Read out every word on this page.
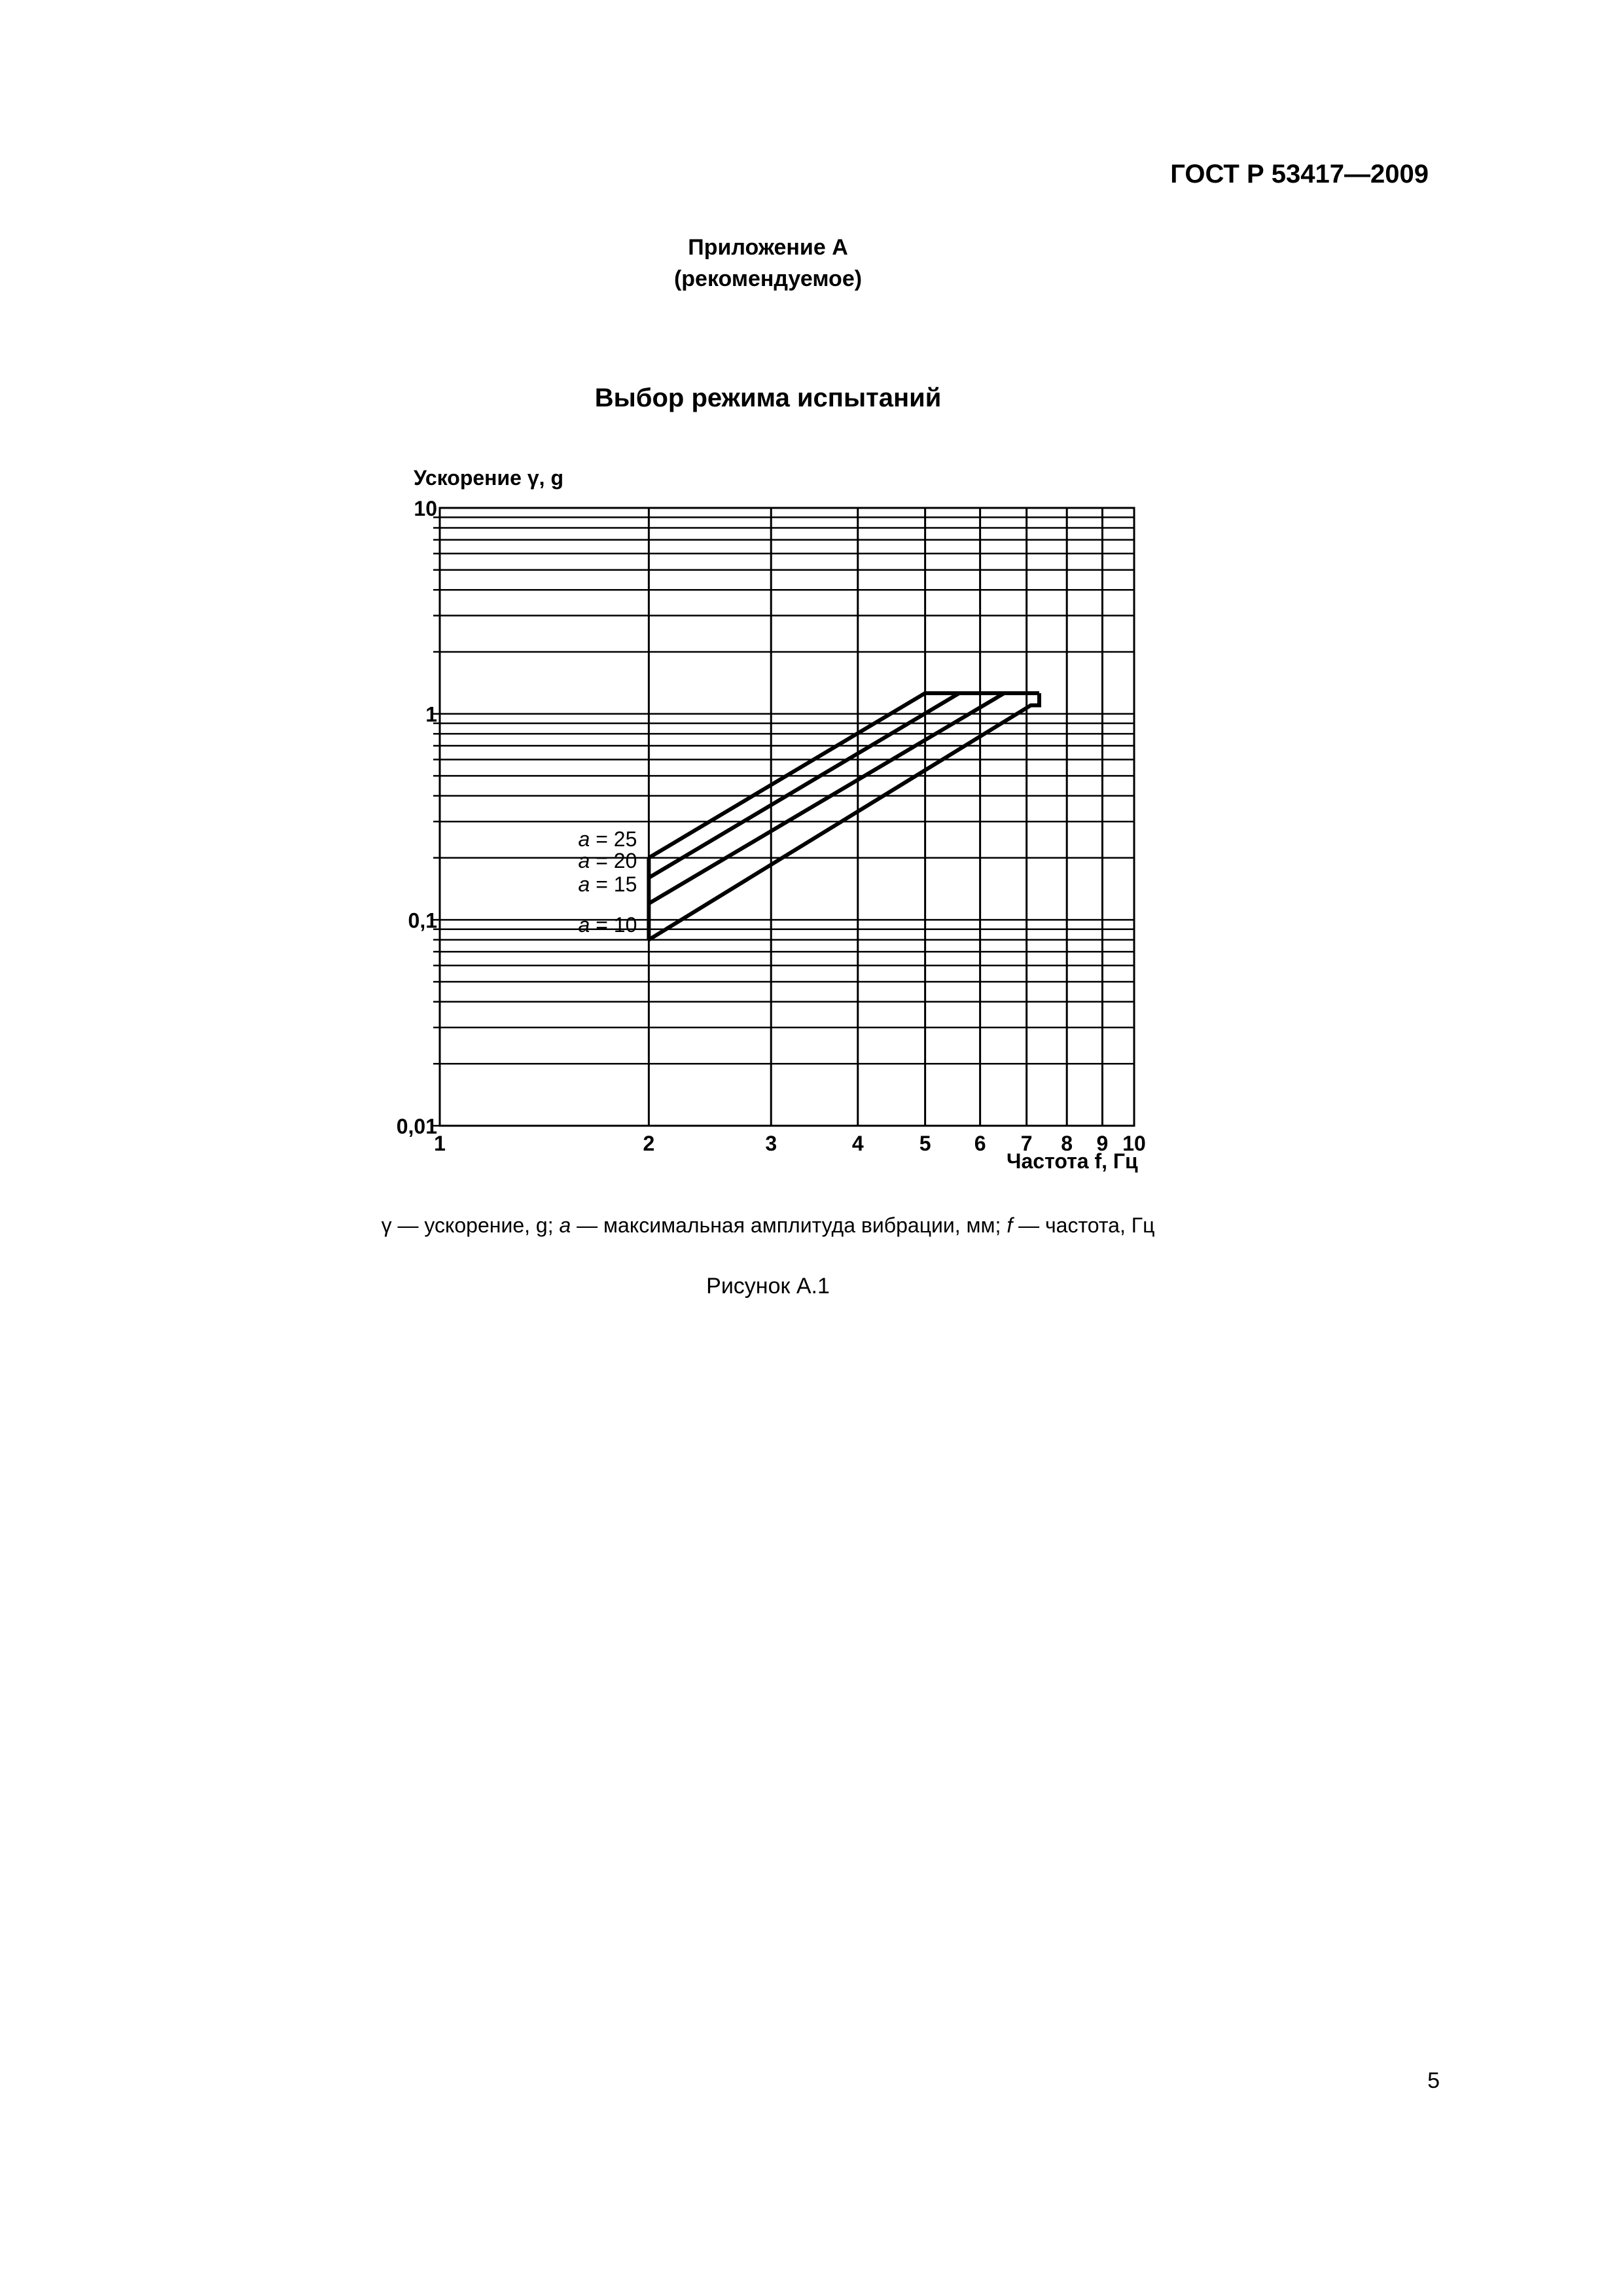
ГОСТ Р 53417—2009
Приложение А
(рекомендуемое)
Выбор режима испытаний
Ускорение γ, g
1	2	3	4	5 6 7 8 9 10
0,01
0,1
1
10
a = 25
a = 20
a = 15
a = 10
Частота f, Гц
γ — ускорение, g; a — максимальная амплитуда вибрации, мм; f — частота, Гц
Рисунок А.1
5
